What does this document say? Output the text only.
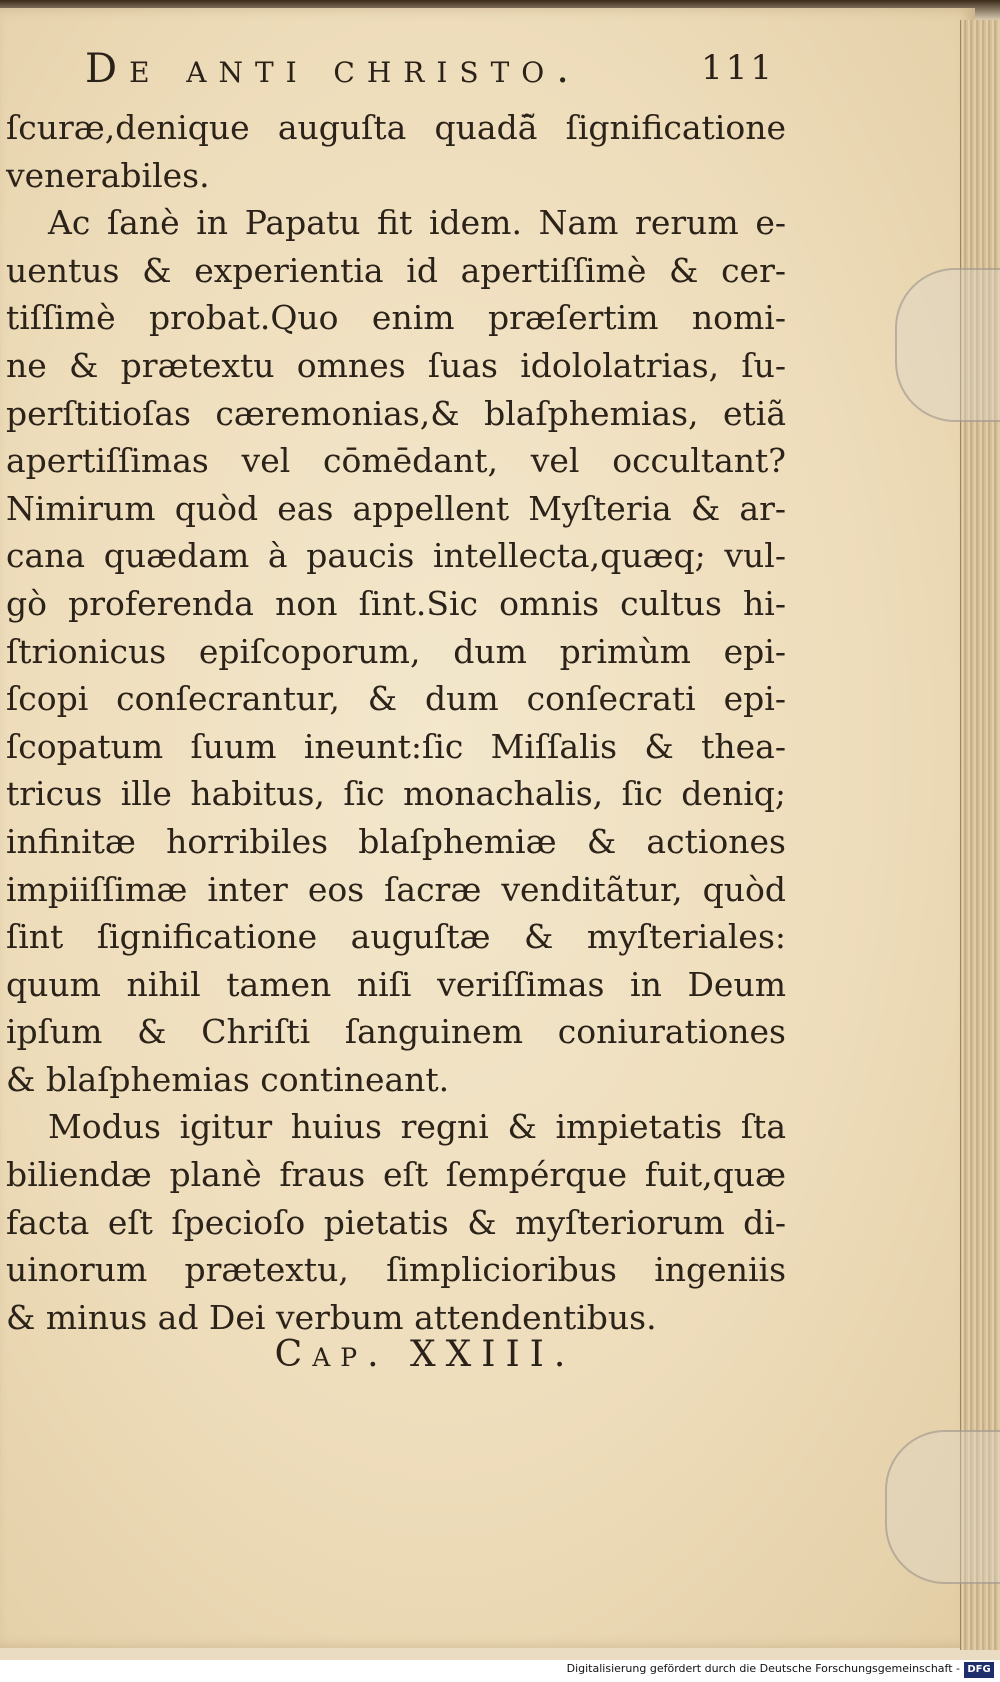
De anti christo.	111
ſcuræ,denique auguſta quadā̃ ſignificatione
venerabiles.
Ac ſanè in Papatu fit idem. Nam rerum e-
uentus & experientia id apertiſſimè & cer-
tiſſimè probat.Quo enim præſertim nomi-
ne & prætextu omnes ſuas idololatrias, ſu-
perſtitioſas cæremonias,& blaſphemias, etiã
apertiſſimas vel cōmēdant, vel occultant?
Nimirum quòd eas appellent Myſteria & ar-
cana quædam à paucis intellecta,quæq; vul-
gò proferenda non ſint.Sic omnis cultus hi-
ſtrionicus epiſcoporum, dum primùm epi-
ſcopi conſecrantur, & dum conſecrati epi-
ſcopatum ſuum ineunt:ſic Miſſalis & thea-
tricus ille habitus, ſic monachalis, ſic deniq;
infinitæ horribiles blaſphemiæ & actiones
impiiſſimæ inter eos ſacræ venditãtur, quòd
ſint ſignificatione auguſtæ & myſteriales:
quum nihil tamen niſi veriſſimas in Deum
ipſum & Chriſti ſanguinem coniurationes
& blaſphemias contineant.
Modus igitur huius regni & impietatis ſta
biliendæ planè fraus eſt ſempérque fuit,quæ
facta eſt ſpecioſo pietatis & myſteriorum di-
uinorum prætextu, ſimplicioribus ingeniis
& minus ad Dei verbum attendentibus.
Cap. XXIII.
Digitalisierung gefördert durch die Deutsche Forschungsgemeinschaft - DFG
